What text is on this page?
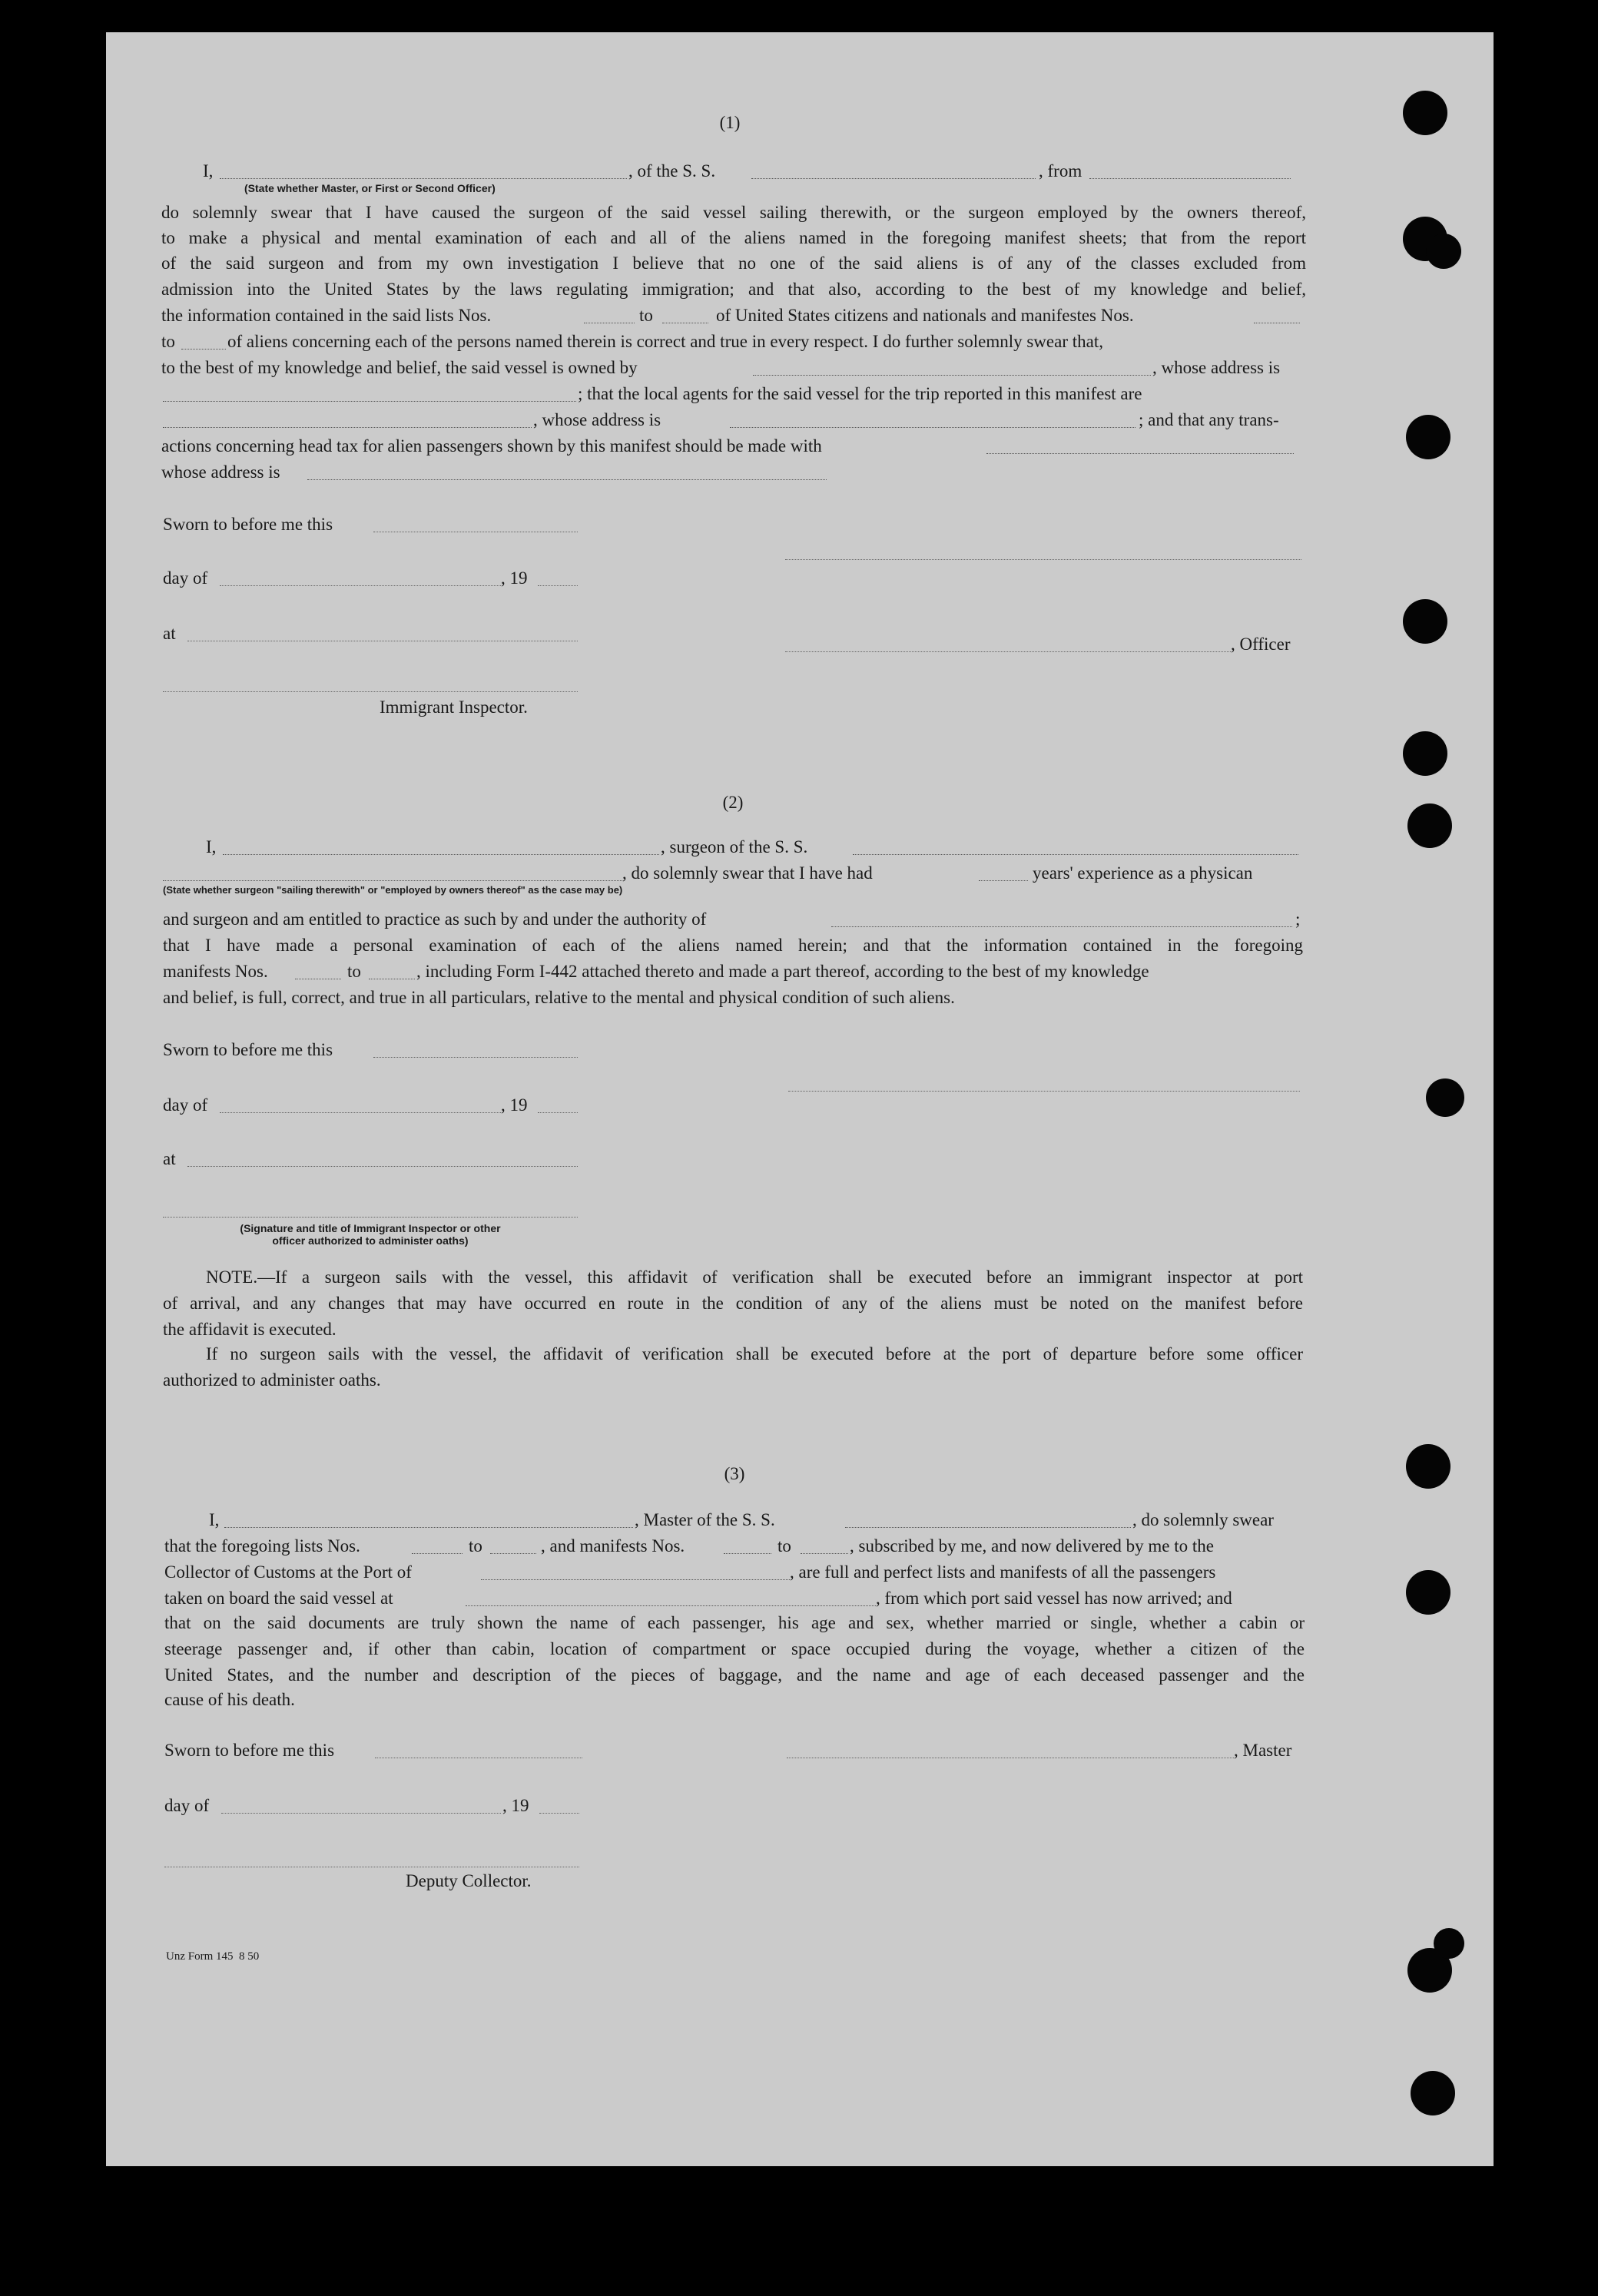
(1)
I,	, of the S. S.	, from
(State whether Master, or First or Second Officer)
do solemnly swear that I have caused the surgeon of the said vessel sailing therewith, or the surgeon employed by the owners thereof,
to make a physical and mental examination of each and all of the aliens named in the foregoing manifest sheets; that from the report
of the said surgeon and from my own investigation I believe that no one of the said aliens is of any of the classes excluded from
admission into the United States by the laws regulating immigration; and that also, according to the best of my knowledge and belief,
the information contained in the said lists Nos.	to	of United States citizens and nationals and manifestes Nos.
to	of aliens concerning each of the persons named therein is correct and true in every respect. I do further solemnly swear that,
to the best of my knowledge and belief, the said vessel is owned by	, whose address is
; that the local agents for the said vessel for the trip reported in this manifest are
, whose address is	; and that any trans-
actions concerning head tax for alien passengers shown by this manifest should be made with
whose address is
Sworn to before me this
day of	, 19
at
, Officer
Immigrant Inspector.
(2)
I,	, surgeon of the S. S.
, do solemnly swear that I have had	years' experience as a physican
(State whether surgeon "sailing therewith" or "employed by owners thereof" as the case may be)
and surgeon and am entitled to practice as such by and under the authority of	;
that I have made a personal examination of each of the aliens named herein; and that the information contained in the foregoing
manifests Nos.	to	, including Form I-442 attached thereto and made a part thereof, according to the best of my knowledge
and belief, is full, correct, and true in all particulars, relative to the mental and physical condition of such aliens.
Sworn to before me this
day of	, 19
at
(Signature and title of Immigrant Inspector or other
officer authorized to administer oaths)
NOTE.—If a surgeon sails with the vessel, this affidavit of verification shall be executed before an immigrant inspector at port
of arrival, and any changes that may have occurred en route in the condition of any of the aliens must be noted on the manifest before
the affidavit is executed.
If no surgeon sails with the vessel, the affidavit of verification shall be executed before at the port of departure before some officer
authorized to administer oaths.
(3)
I,	, Master of the S. S.	, do solemnly swear
that the foregoing lists Nos.	to	, and manifests Nos.	to	, subscribed by me, and now delivered by me to the
Collector of Customs at the Port of	, are full and perfect lists and manifests of all the passengers
taken on board the said vessel at	, from which port said vessel has now arrived; and
that on the said documents are truly shown the name of each passenger, his age and sex, whether married or single, whether a cabin or
steerage passenger and, if other than cabin, location of compartment or space occupied during the voyage, whether a citizen of the
United States, and the number and description of the pieces of baggage, and the name and age of each deceased passenger and the
cause of his death.
Sworn to before me this	, Master
day of	, 19
Deputy Collector.
Unz Form 145  8 50
